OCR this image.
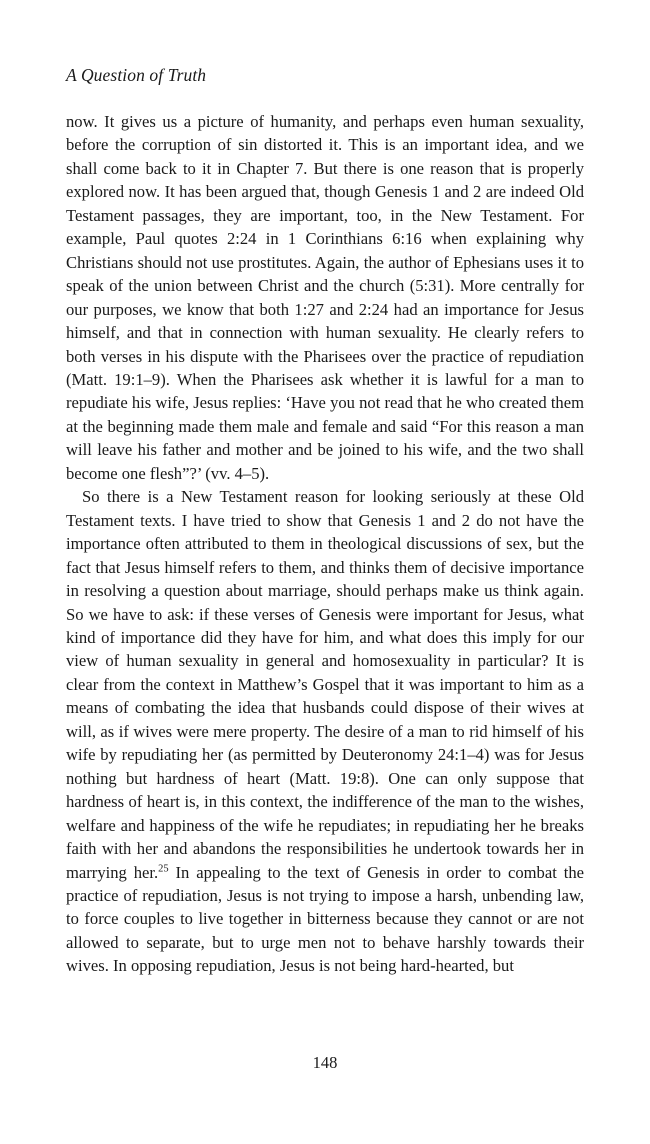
A Question of Truth

now. It gives us a picture of humanity, and perhaps even human sexuality, before the corruption of sin distorted it. This is an important idea, and we shall come back to it in Chapter 7. But there is one reason that is properly explored now. It has been argued that, though Genesis 1 and 2 are indeed Old Testament passages, they are important, too, in the New Testament. For example, Paul quotes 2:24 in 1 Corinthians 6:16 when explaining why Christians should not use prostitutes. Again, the author of Ephesians uses it to speak of the union between Christ and the church (5:31). More centrally for our purposes, we know that both 1:27 and 2:24 had an importance for Jesus himself, and that in connection with human sexuality. He clearly refers to both verses in his dispute with the Pharisees over the practice of repudiation (Matt. 19:1–9). When the Pharisees ask whether it is lawful for a man to repudiate his wife, Jesus replies: ‘Have you not read that he who created them at the beginning made them male and female and said “For this reason a man will leave his father and mother and be joined to his wife, and the two shall become one flesh”?’ (vv. 4–5).

So there is a New Testament reason for looking seriously at these Old Testament texts. I have tried to show that Genesis 1 and 2 do not have the importance often attributed to them in theological discussions of sex, but the fact that Jesus himself refers to them, and thinks them of decisive importance in resolving a question about marriage, should perhaps make us think again. So we have to ask: if these verses of Genesis were important for Jesus, what kind of importance did they have for him, and what does this imply for our view of human sexuality in general and homosexuality in particular? It is clear from the context in Matthew’s Gospel that it was important to him as a means of combating the idea that husbands could dispose of their wives at will, as if wives were mere property. The desire of a man to rid himself of his wife by repudiating her (as permitted by Deuteronomy 24:1–4) was for Jesus nothing but hardness of heart (Matt. 19:8). One can only suppose that hardness of heart is, in this context, the indifference of the man to the wishes, welfare and happiness of the wife he repudiates; in repudiating her he breaks faith with her and abandons the responsibilities he undertook towards her in marrying her.$^{25}$ In appealing to the text of Genesis in order to combat the practice of repudiation, Jesus is not trying to impose a harsh, unbending law, to force couples to live together in bitterness because they cannot or are not allowed to separate, but to urge men not to behave harshly towards their wives. In opposing repudiation, Jesus is not being hard-hearted, but

148
